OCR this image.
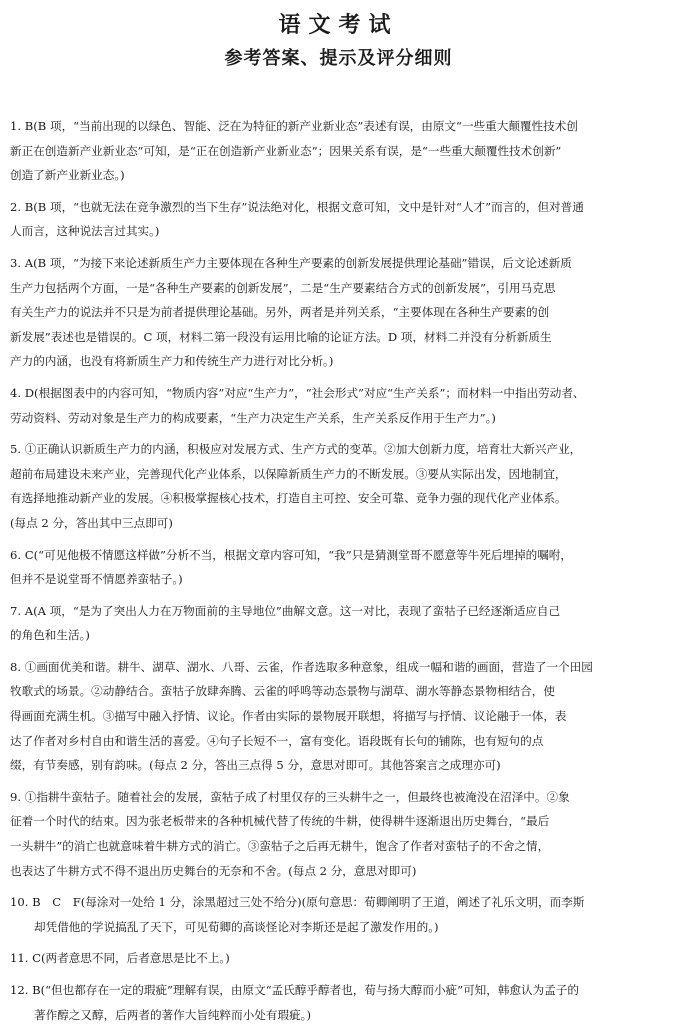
语文考试
参考答案、提示及评分细则
1. B(B 项，“当前出现的以绿色、智能、泛在为特征的新产业新业态”表述有误，由原文“一些重大颠覆性技术创
新正在创造新产业新业态”可知，是“正在创造新产业新业态”；因果关系有误，是“一些重大颠覆性技术创新”
创造了新产业新业态。)
2. B(B 项，“也就无法在竞争激烈的当下生存”说法绝对化，根据文意可知，文中是针对“人才”而言的，但对普通
人而言，这种说法言过其实。)
3. A(B 项，“为接下来论述新质生产力主要体现在各种生产要素的创新发展提供理论基础”错误，后文论述新质
生产力包括两个方面，一是“各种生产要素的创新发展”，二是“生产要素结合方式的创新发展”，引用马克思
有关生产力的说法并不只是为前者提供理论基础。另外，两者是并列关系，“主要体现在各种生产要素的创
新发展”表述也是错误的。C 项，材料二第一段没有运用比喻的论证方法。D 项，材料二并没有分析新质生
产力的内涵，也没有将新质生产力和传统生产力进行对比分析。)
4. D(根据图表中的内容可知，“物质内容”对应“生产力”，“社会形式”对应“生产关系”；而材料一中指出劳动者、
劳动资料、劳动对象是生产力的构成要素，“生产力决定生产关系，生产关系反作用于生产力”。)
5. ①正确认识新质生产力的内涵，积极应对发展方式、生产方式的变革。②加大创新力度，培育壮大新兴产业，
超前布局建设未来产业，完善现代化产业体系，以保障新质生产力的不断发展。③要从实际出发，因地制宜，
有选择地推动新产业的发展。④积极掌握核心技术，打造自主可控、安全可靠、竞争力强的现代化产业体系。
(每点 2 分，答出其中三点即可)
6. C(“可见他极不情愿这样做”分析不当，根据文章内容可知，“我”只是猜测堂哥不愿意等牛死后埋掉的嘱咐，
但并不是说堂哥不情愿养蛮牯子。)
7. A(A 项，“是为了突出人力在万物面前的主导地位”曲解文意。这一对比，表现了蛮牯子已经逐渐适应自己
的角色和生活。)
8. ①画面优美和谐。耕牛、湖草、湖水、八哥、云雀，作者选取多种意象，组成一幅和谐的画面，营造了一个田园
牧歌式的场景。②动静结合。蛮牯子放肆奔腾、云雀的呼鸣等动态景物与湖草、湖水等静态景物相结合，使
得画面充满生机。③描写中融入抒情、议论。作者由实际的景物展开联想，将描写与抒情、议论融于一体，表
达了作者对乡村自由和谐生活的喜爱。④句子长短不一，富有变化。语段既有长句的铺陈，也有短句的点
缀，有节奏感，别有韵味。(每点 2 分，答出三点得 5 分，意思对即可。其他答案言之成理亦可)
9. ①指耕牛蛮牯子。随着社会的发展，蛮牯子成了村里仅存的三头耕牛之一，但最终也被淹没在沼泽中。②象
征着一个时代的结束。因为张老板带来的各种机械代替了传统的牛耕，使得耕牛逐渐退出历史舞台，“最后
一头耕牛”的消亡也就意味着牛耕方式的消亡。③蛮牯子之后再无耕牛，饱含了作者对蛮牯子的不舍之情，
也表达了牛耕方式不得不退出历史舞台的无奈和不舍。(每点 2 分，意思对即可)
10. B　C　F(每涂对一处给 1 分，涂黑超过三处不给分)(原句意思：荀卿阐明了王道，阐述了礼乐文明，而李斯
却凭借他的学说搞乱了天下，可见荀卿的高谈怪论对李斯还是起了激发作用的。)
11. C(两者意思不同，后者意思是比不上。)
12. B(“但也都存在一定的瑕疵”理解有误，由原文“孟氏醇乎醇者也，荀与扬大醇而小疵”可知，韩愈认为孟子的
著作醇之又醇，后两者的著作大旨纯粹而小处有瑕疵。)
